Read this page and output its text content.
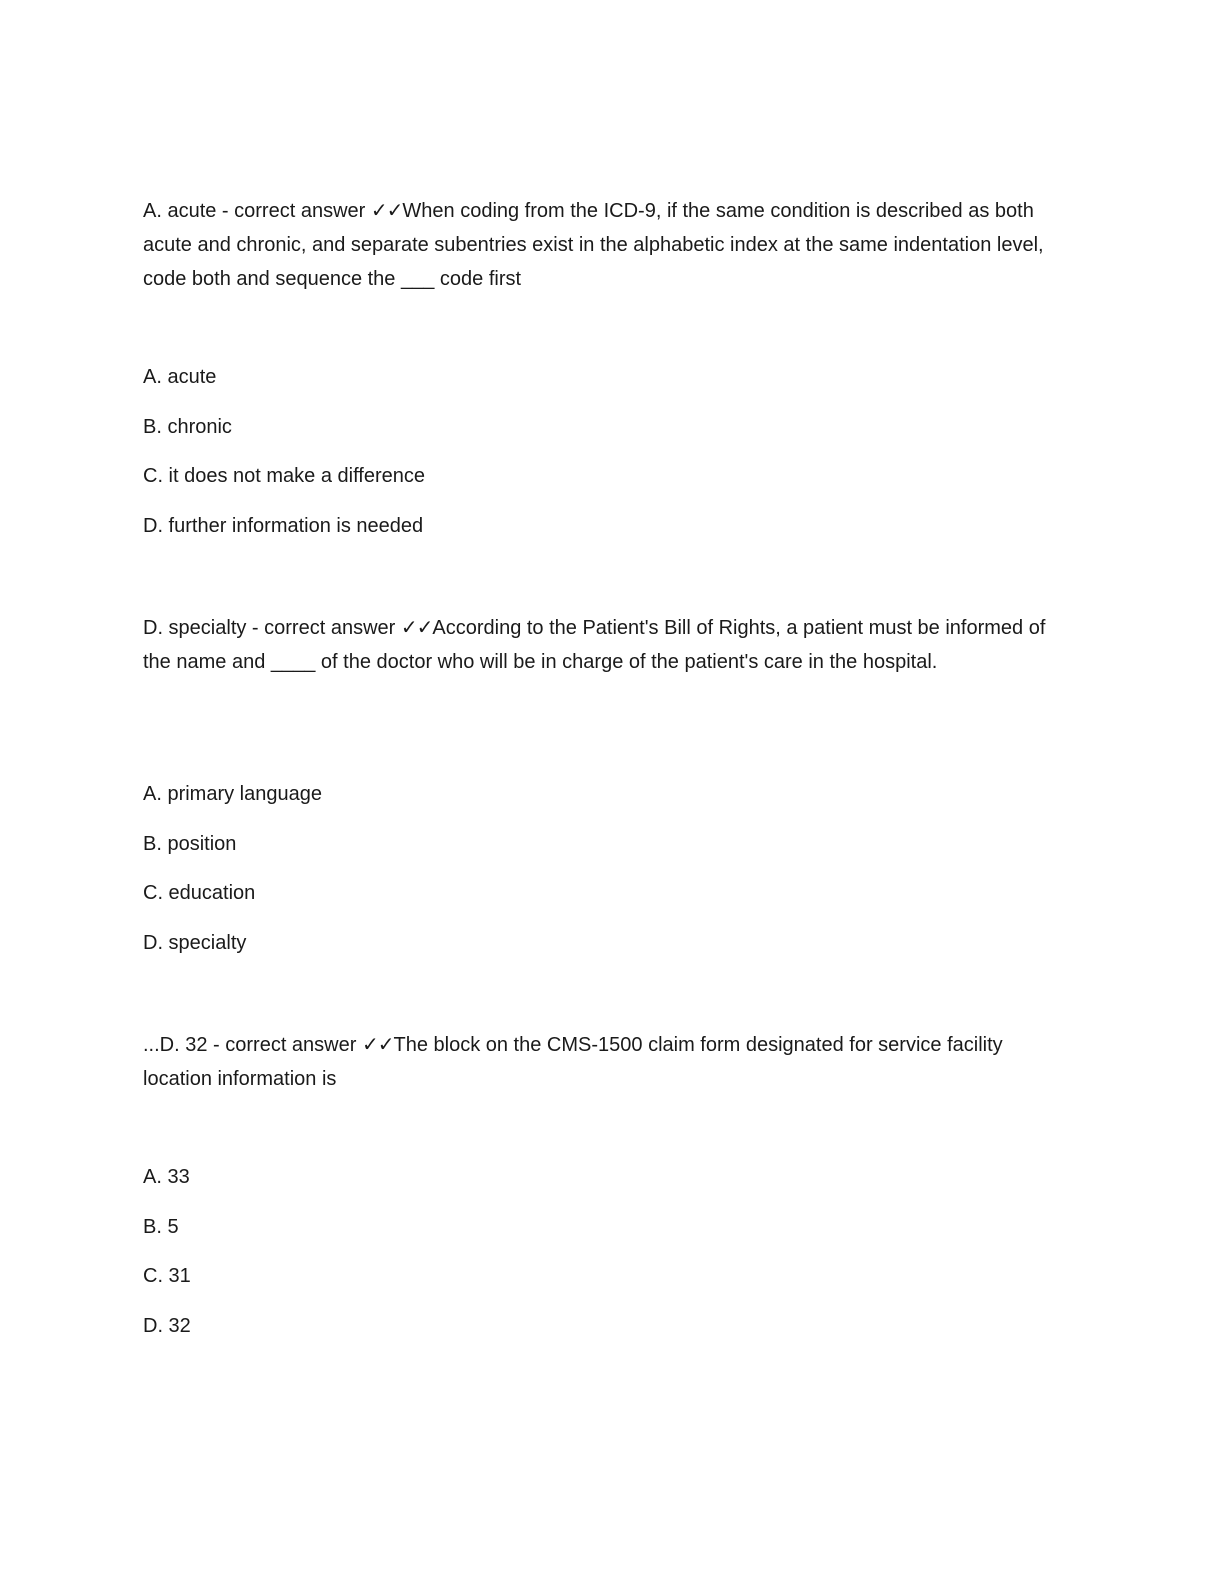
A. acute - correct answer ✓✓When coding from the ICD-9, if the same condition is described as both acute and chronic, and separate subentries exist in the alphabetic index at the same indentation level, code both and sequence the ___ code first

A. acute
B. chronic
C. it does not make a difference
D. further information is needed

D. specialty - correct answer ✓✓According to the Patient's Bill of Rights, a patient must be informed of the name and ____ of the doctor who will be in charge of the patient's care in the hospital.

A. primary language
B. position
C. education
D. specialty

...D. 32 - correct answer ✓✓The block on the CMS-1500 claim form designated for service facility location information is

A. 33
B. 5
C. 31
D. 32
